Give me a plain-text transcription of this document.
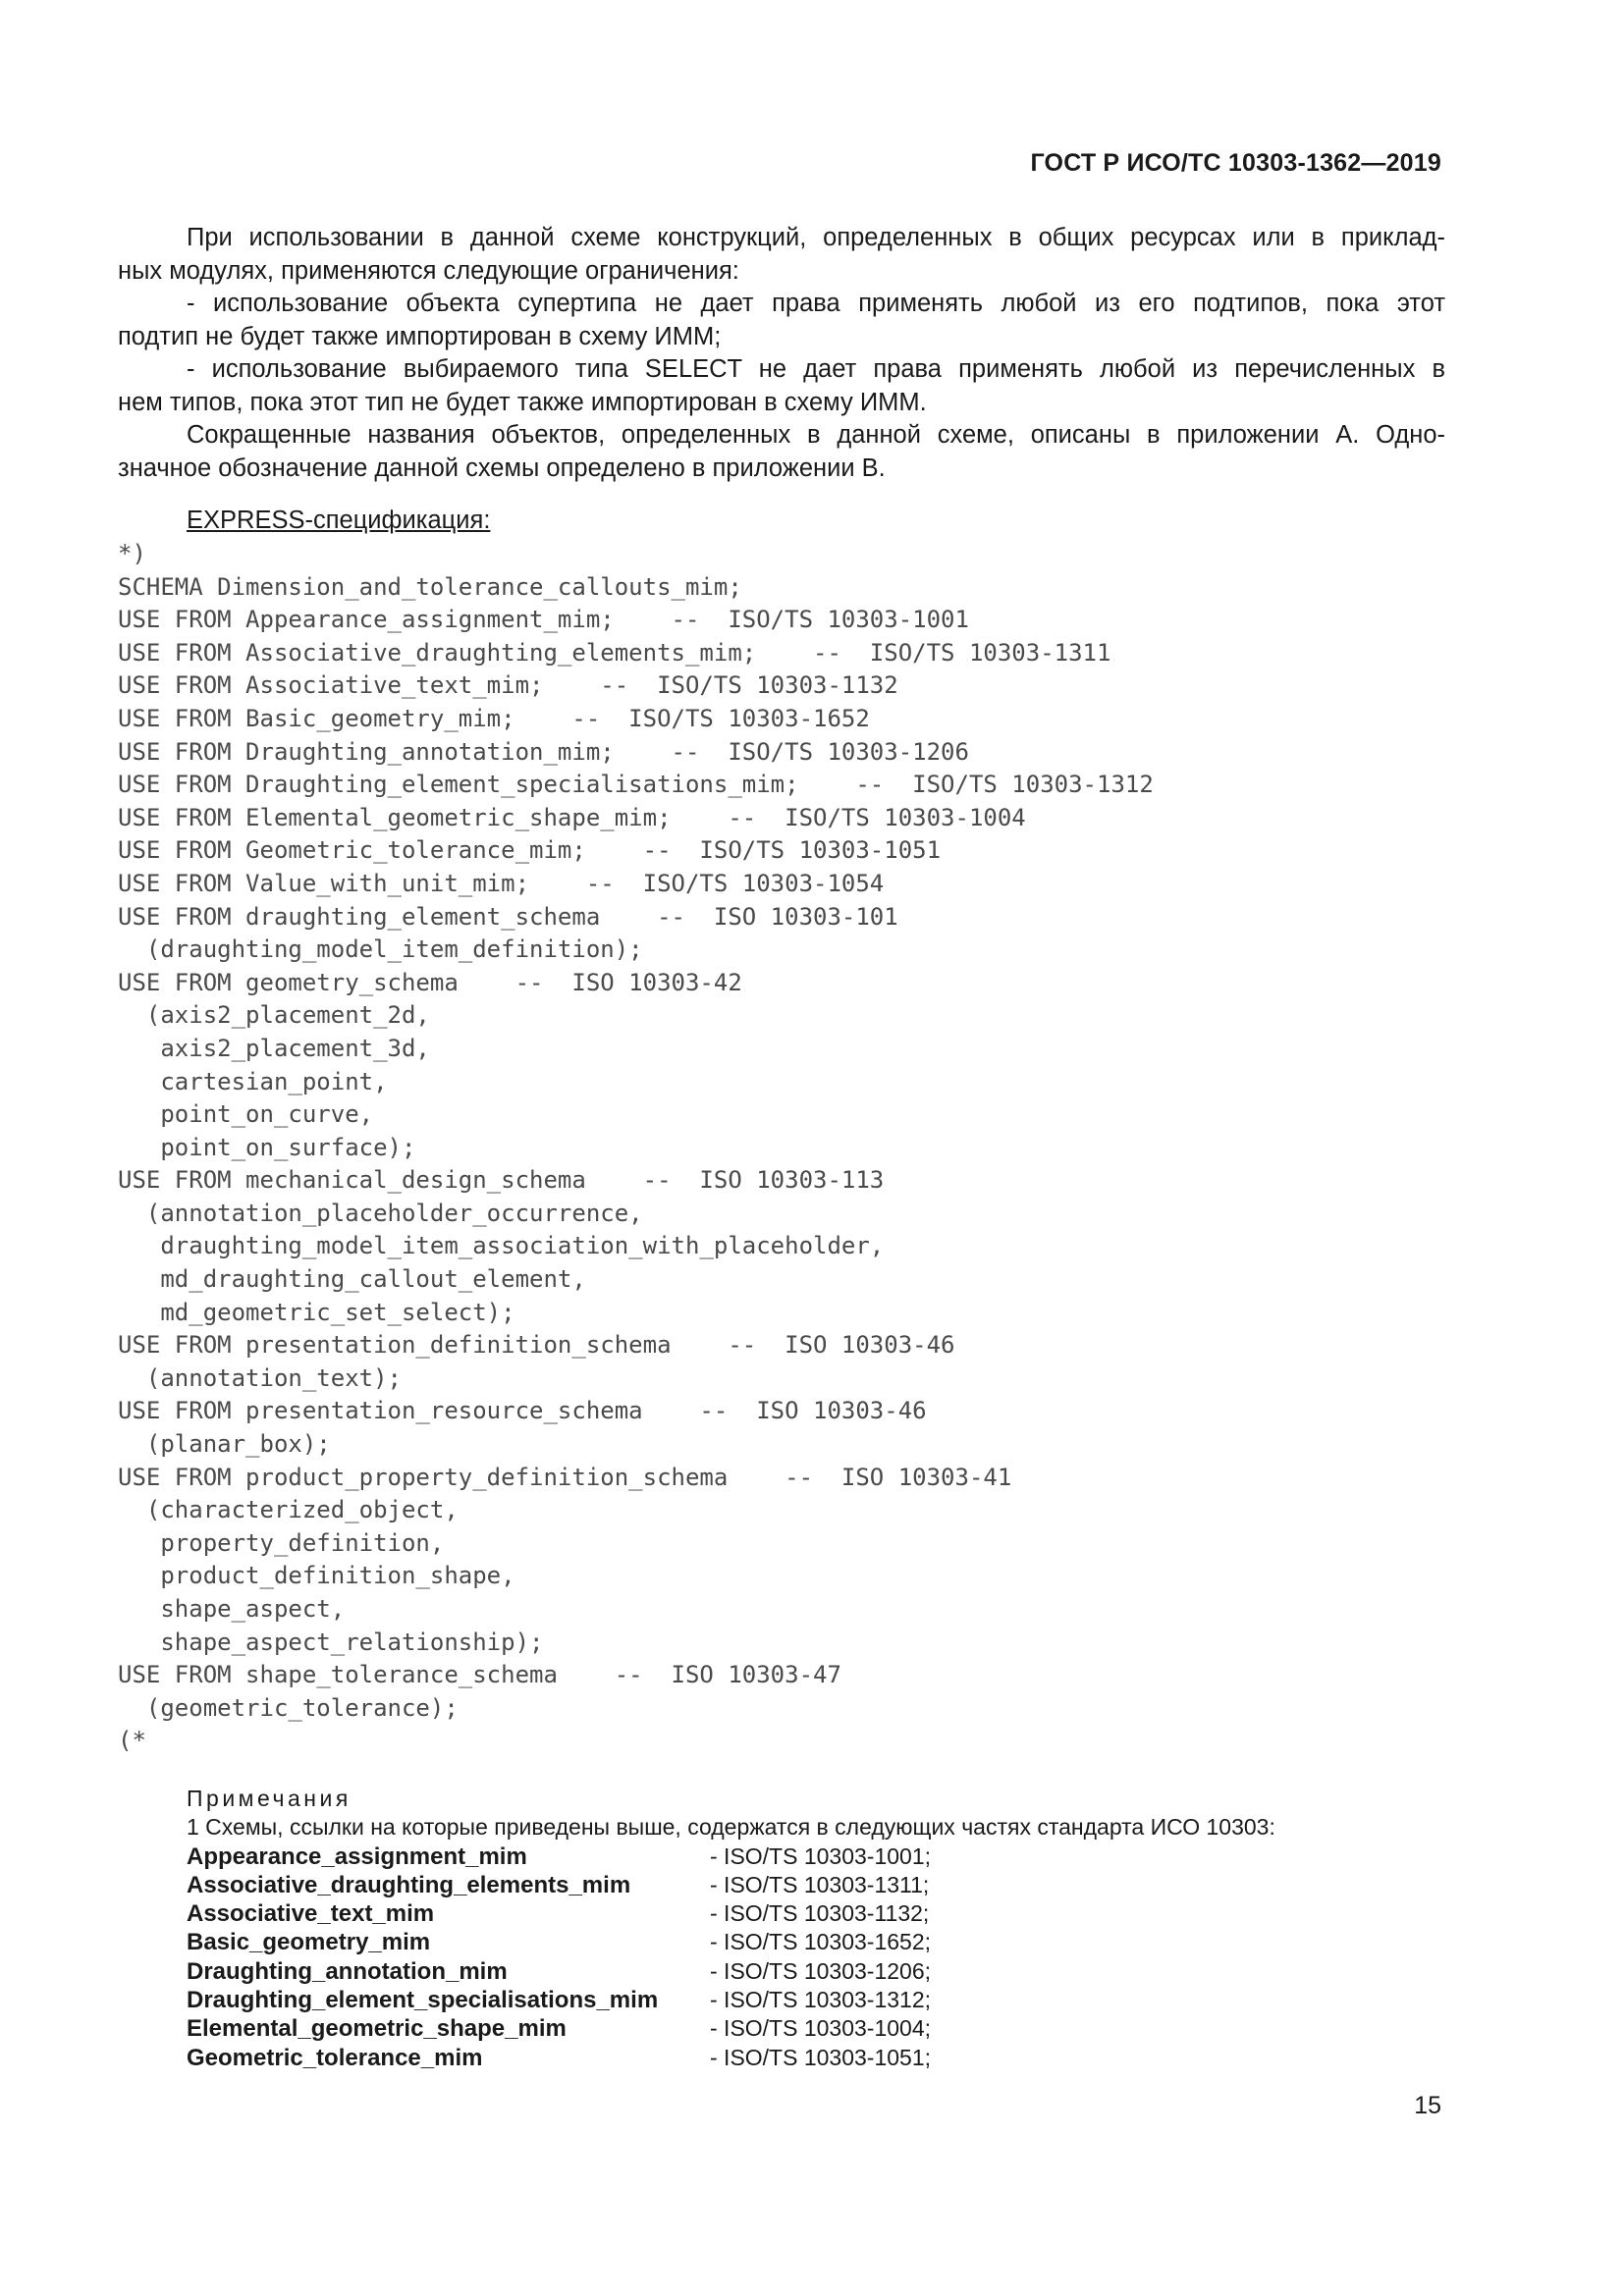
ГОСТ Р ИСО/ТС 10303-1362—2019

При использовании в данной схеме конструкций, определенных в общих ресурсах или в приклад-

ных модулях, применяются следующие ограничения:

- использование объекта супертипа не дает права применять любой из его подтипов, пока этот

подтип не будет также импортирован в схему ИММ;

- использование выбираемого типа SELECT не дает права применять любой из перечисленных в

нем типов, пока этот тип не будет также импортирован в схему ИММ.

Сокращенные названия объектов, определенных в данной схеме, описаны в приложении А. Одно-

значное обозначение данной схемы определено в приложении В.

EXPRESS-спецификация:
*)
SCHEMA Dimension_and_tolerance_callouts_mim;
USE FROM Appearance_assignment_mim;    --  ISO/TS 10303-1001
USE FROM Associative_draughting_elements_mim;    --  ISO/TS 10303-1311
USE FROM Associative_text_mim;    --  ISO/TS 10303-1132
USE FROM Basic_geometry_mim;    --  ISO/TS 10303-1652
USE FROM Draughting_annotation_mim;    --  ISO/TS 10303-1206
USE FROM Draughting_element_specialisations_mim;    --  ISO/TS 10303-1312
USE FROM Elemental_geometric_shape_mim;    --  ISO/TS 10303-1004
USE FROM Geometric_tolerance_mim;    --  ISO/TS 10303-1051
USE FROM Value_with_unit_mim;    --  ISO/TS 10303-1054
USE FROM draughting_element_schema    --  ISO 10303-101
(draughting_model_item_definition);
USE FROM geometry_schema    --  ISO 10303-42
(axis2_placement_2d,
axis2_placement_3d,
cartesian_point,
point_on_curve,
point_on_surface);
USE FROM mechanical_design_schema    --  ISO 10303-113
(annotation_placeholder_occurrence,
draughting_model_item_association_with_placeholder,
md_draughting_callout_element,
md_geometric_set_select);
USE FROM presentation_definition_schema    --  ISO 10303-46
(annotation_text);
USE FROM presentation_resource_schema    --  ISO 10303-46
(planar_box);
USE FROM product_property_definition_schema    --  ISO 10303-41
(characterized_object,
property_definition,
product_definition_shape,
shape_aspect,
shape_aspect_relationship);
USE FROM shape_tolerance_schema    --  ISO 10303-47
(geometric_tolerance);
(*
Примечания
1 Схемы, ссылки на которые приведены выше, содержатся в следующих частях стандарта ИСО 10303:
Appearance_assignment_mim	- ISO/TS 10303-1001;
Associative_draughting_elements_mim	- ISO/TS 10303-1311;
Associative_text_mim	- ISO/TS 10303-1132;
Basic_geometry_mim	- ISO/TS 10303-1652;
Draughting_annotation_mim	- ISO/TS 10303-1206;
Draughting_element_specialisations_mim	- ISO/TS 10303-1312;
Elemental_geometric_shape_mim	- ISO/TS 10303-1004;
Geometric_tolerance_mim	- ISO/TS 10303-1051;
15
